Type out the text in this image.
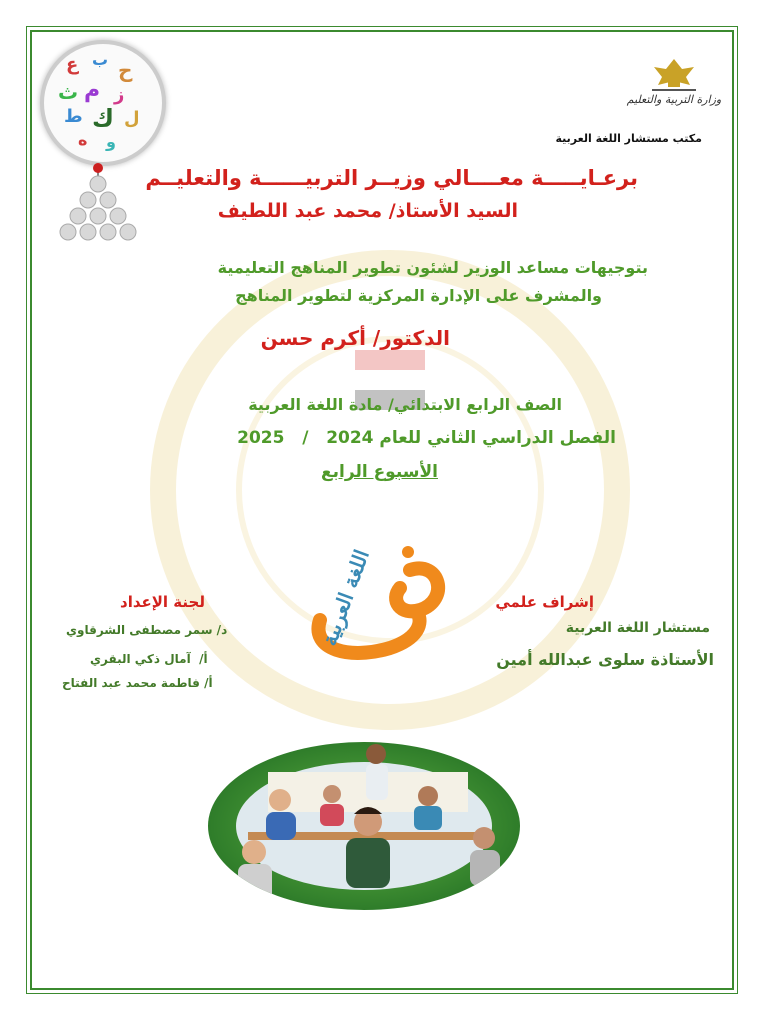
ع ب ح
ث م ز
ط ك ل
ه و
وزارة التربية والتعليم
مكتب مستشار اللغة العربية
برعـايـــــة معــــالي وزيــر التربيــــــة والتعليــم
السيد الأستاذ/ محمد عبد اللطيف
بتوجيهات مساعد الوزير لشئون تطوير المناهج التعليمية
والمشرف على الإدارة المركزية لتطوير المناهج
الدكتور/ أكرم حسن
الصف الرابع الابتدائي/ مادة اللغة العربية
الفصل الدراسي الثاني للعام 2024   /   2025
الأسبوع الرابع
اللغة العربية	إشراف علمي
مستشار اللغة العربية
الأستاذة سلوى عبدالله أمين
لجنة الإعداد
د/ سمر مصطفى الشرقاوي
أ/  آمال ذكي البقري
أ/ فاطمة محمد عبد الفتاح
